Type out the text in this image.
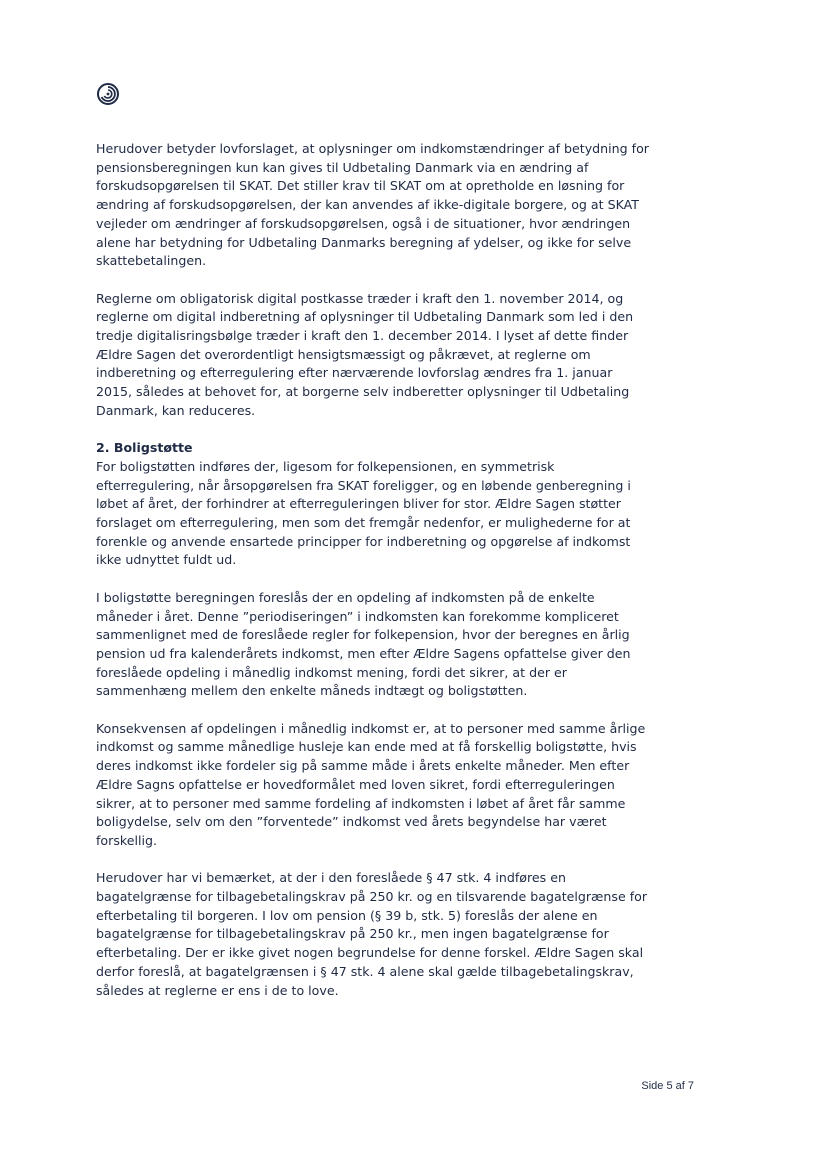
Herudover betyder lovforslaget, at oplysninger om indkomstændringer af betydning for
pensionsberegningen kun kan gives til Udbetaling Danmark via en ændring af
forskudsopgørelsen til SKAT. Det stiller krav til SKAT om at opretholde en løsning for
ændring af forskudsopgørelsen, der kan anvendes af ikke-digitale borgere, og at SKAT
vejleder om ændringer af forskudsopgørelsen, også i de situationer, hvor ændringen
alene har betydning for Udbetaling Danmarks beregning af ydelser, og ikke for selve
skattebetalingen.
Reglerne om obligatorisk digital postkasse træder i kraft den 1. november 2014, og
reglerne om digital indberetning af oplysninger til Udbetaling Danmark som led i den
tredje digitalisringsbølge træder i kraft den 1. december 2014. I lyset af dette finder
Ældre Sagen det overordentligt hensigtsmæssigt og påkrævet, at reglerne om
indberetning og efterregulering efter nærværende lovforslag ændres fra 1. januar
2015, således at behovet for, at borgerne selv indberetter oplysninger til Udbetaling
Danmark, kan reduceres.
2. Boligstøtte
For boligstøtten indføres der, ligesom for folkepensionen, en symmetrisk
efterregulering, når årsopgørelsen fra SKAT foreligger, og en løbende genberegning i
løbet af året, der forhindrer at efterreguleringen bliver for stor. Ældre Sagen støtter
forslaget om efterregulering, men som det fremgår nedenfor, er mulighederne for at
forenkle og anvende ensartede principper for indberetning og opgørelse af indkomst
ikke udnyttet fuldt ud.
I boligstøtte beregningen foreslås der en opdeling af indkomsten på de enkelte
måneder i året. Denne ”periodiseringen” i indkomsten kan forekomme kompliceret
sammenlignet med de foreslåede regler for folkepension, hvor der beregnes en årlig
pension ud fra kalenderårets indkomst, men efter Ældre Sagens opfattelse giver den
foreslåede opdeling i månedlig indkomst mening, fordi det sikrer, at der er
sammenhæng mellem den enkelte måneds indtægt og boligstøtten.
Konsekvensen af opdelingen i månedlig indkomst er, at to personer med samme årlige
indkomst og samme månedlige husleje kan ende med at få forskellig boligstøtte, hvis
deres indkomst ikke fordeler sig på samme måde i årets enkelte måneder. Men efter
Ældre Sagns opfattelse er hovedformålet med loven sikret, fordi efterreguleringen
sikrer, at to personer med samme fordeling af indkomsten i løbet af året får samme
boligydelse, selv om den ”forventede” indkomst ved årets begyndelse har været
forskellig.
Herudover har vi bemærket, at der i den foreslåede § 47 stk. 4 indføres en
bagatelgrænse for tilbagebetalingskrav på 250 kr. og en tilsvarende bagatelgrænse for
efterbetaling til borgeren. I lov om pension (§ 39 b, stk. 5) foreslås der alene en
bagatelgrænse for tilbagebetalingskrav på 250 kr., men ingen bagatelgrænse for
efterbetaling. Der er ikke givet nogen begrundelse for denne forskel. Ældre Sagen skal
derfor foreslå, at bagatelgrænsen i § 47 stk. 4 alene skal gælde tilbagebetalingskrav,
således at reglerne er ens i de to love.
Side 5 af 7
